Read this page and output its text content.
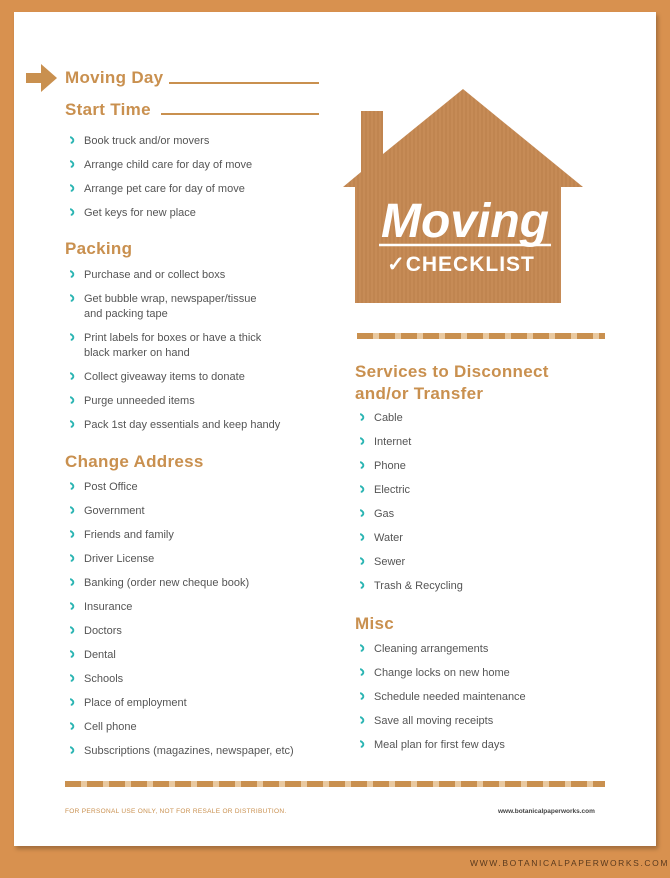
Moving Day
Start Time
Book truck and/or movers
Arrange child care for day of move
Arrange pet care for day of move
Get keys for new place
Packing
Purchase and or collect boxs
Get bubble wrap, newspaper/tissue
and packing tape
Print labels for boxes or have a thick
black marker on hand
Collect giveaway items to donate
Purge unneeded items
Pack 1st day essentials and keep handy
Change Address
Post Office
Government
Friends and family
Driver License
Banking (order new cheque book)
Insurance
Doctors
Dental
Schools
Place of employment
Cell phone
Subscriptions (magazines, newspaper, etc)
Moving
✓CHECKLIST
Services to Disconnect
and/or Transfer
Cable
Internet
Phone
Electric
Gas
Water
Sewer
Trash & Recycling
Misc
Cleaning arrangements
Change locks on new home
Schedule needed maintenance
Save all moving receipts
Meal plan for first few days
FOR PERSONAL USE ONLY, NOT FOR RESALE OR DISTRIBUTION.	www.botanicalpaperworks.com
WWW.BOTANICALPAPERWORKS.COM
